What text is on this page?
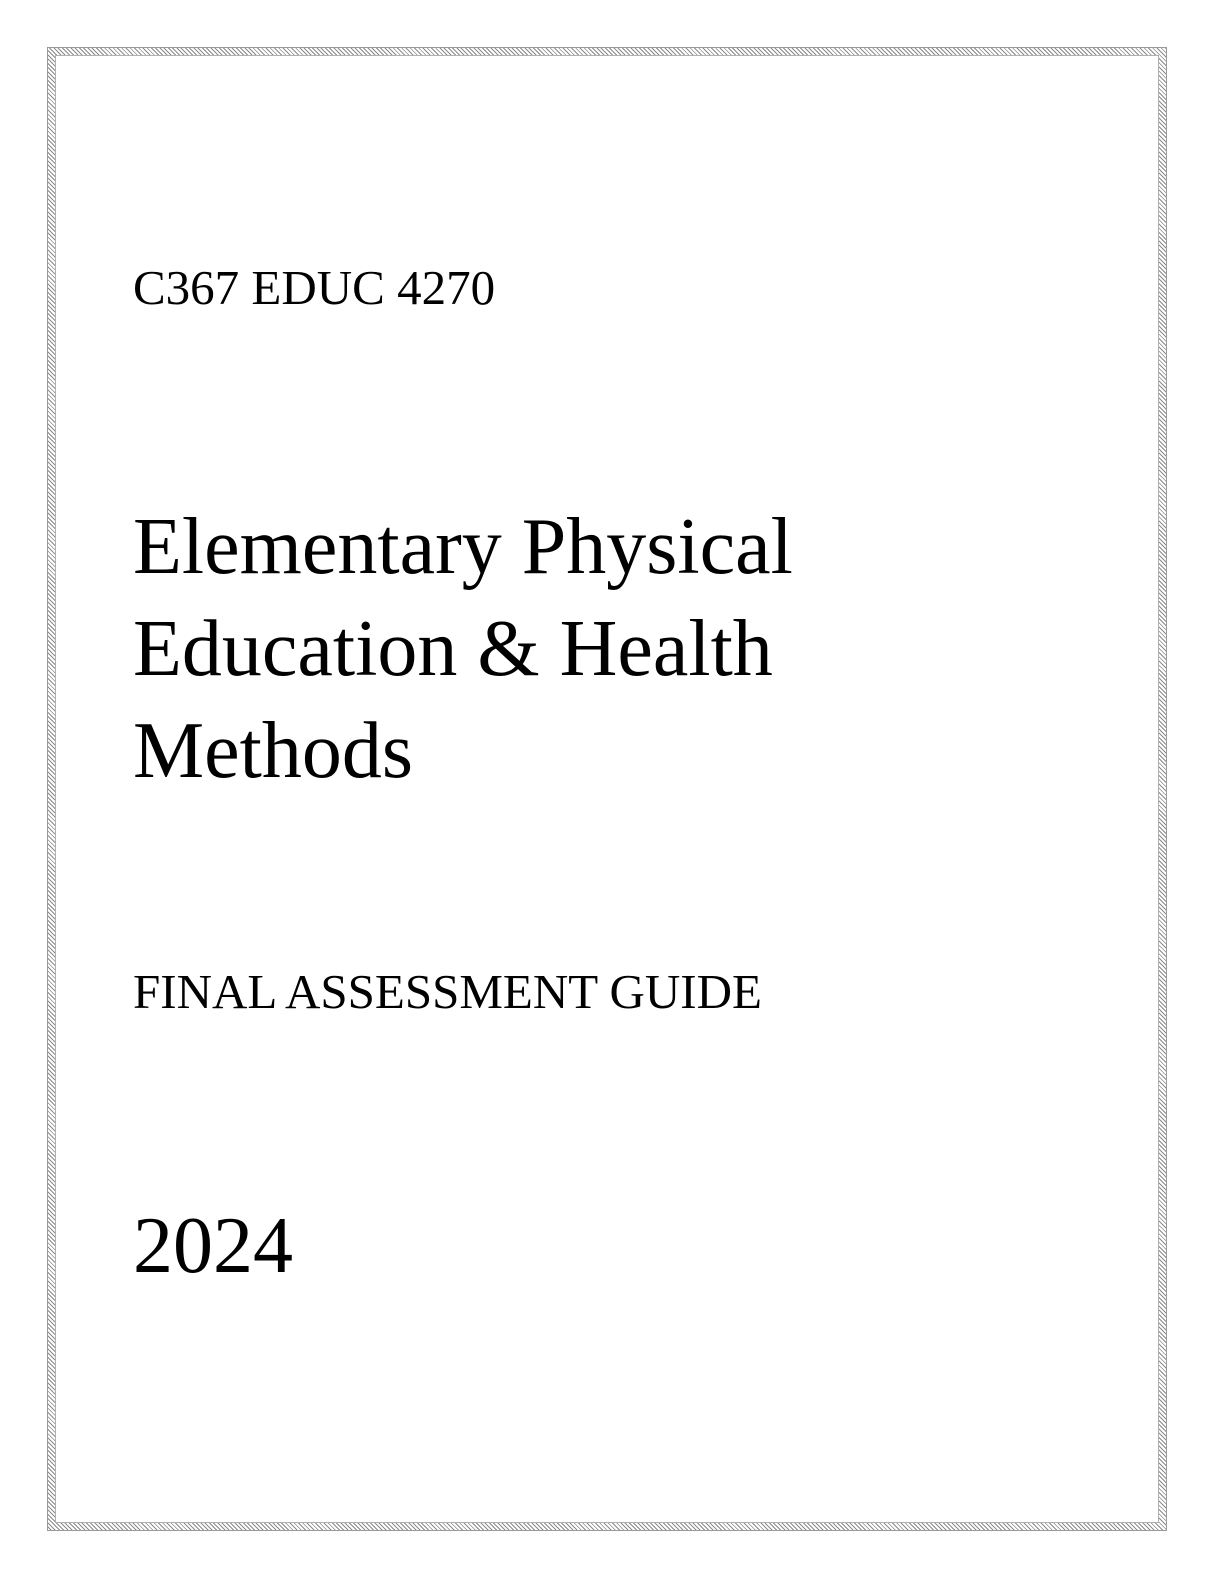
C367 EDUC 4270

Elementary Physical
Education & Health
Methods

FINAL ASSESSMENT GUIDE

2024
